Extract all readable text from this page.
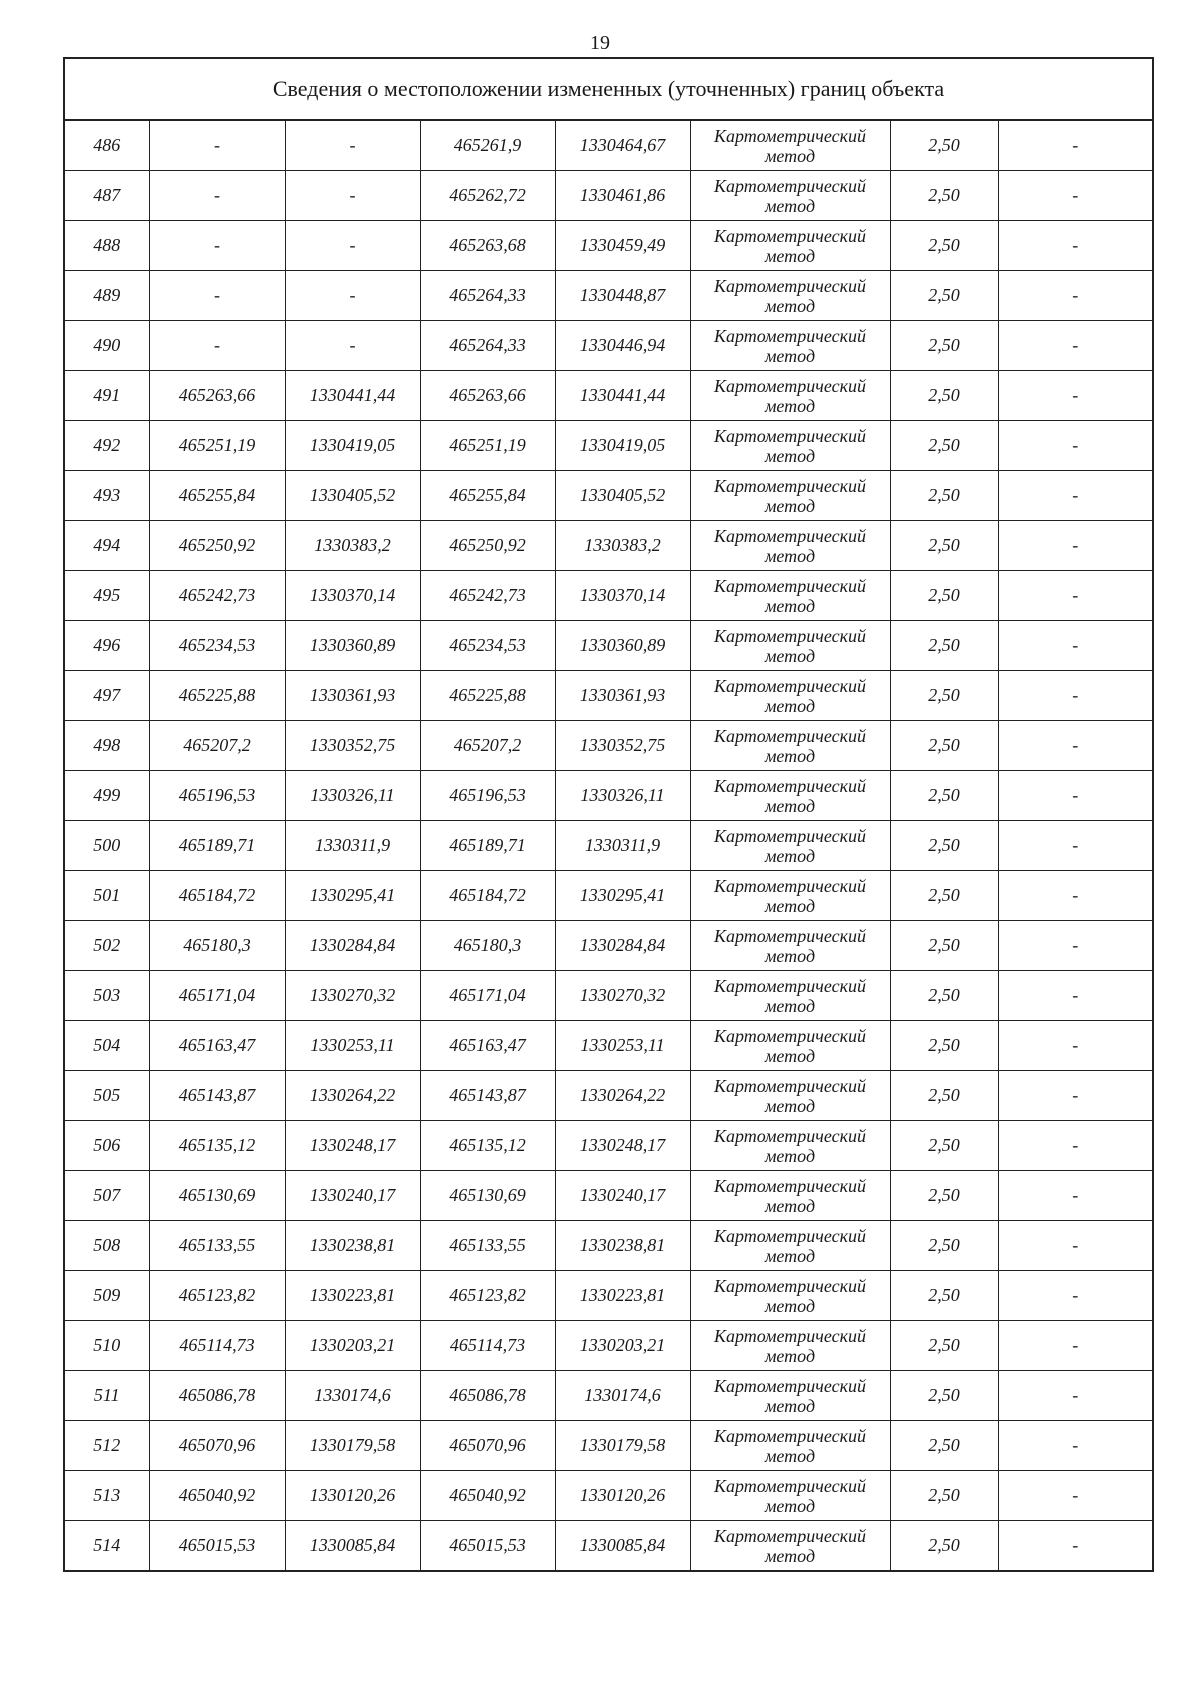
19
Сведения о местоположении измененных (уточненных) границ объекта							
486	-	-	465261,9	1330464,67	Картометрический
метод	2,50	-
487	-	-	465262,72	1330461,86	Картометрический
метод	2,50	-
488	-	-	465263,68	1330459,49	Картометрический
метод	2,50	-
489	-	-	465264,33	1330448,87	Картометрический
метод	2,50	-
490	-	-	465264,33	1330446,94	Картометрический
метод	2,50	-
491	465263,66	1330441,44	465263,66	1330441,44	Картометрический
метод	2,50	-
492	465251,19	1330419,05	465251,19	1330419,05	Картометрический
метод	2,50	-
493	465255,84	1330405,52	465255,84	1330405,52	Картометрический
метод	2,50	-
494	465250,92	1330383,2	465250,92	1330383,2	Картометрический
метод	2,50	-
495	465242,73	1330370,14	465242,73	1330370,14	Картометрический
метод	2,50	-
496	465234,53	1330360,89	465234,53	1330360,89	Картометрический
метод	2,50	-
497	465225,88	1330361,93	465225,88	1330361,93	Картометрический
метод	2,50	-
498	465207,2	1330352,75	465207,2	1330352,75	Картометрический
метод	2,50	-
499	465196,53	1330326,11	465196,53	1330326,11	Картометрический
метод	2,50	-
500	465189,71	1330311,9	465189,71	1330311,9	Картометрический
метод	2,50	-
501	465184,72	1330295,41	465184,72	1330295,41	Картометрический
метод	2,50	-
502	465180,3	1330284,84	465180,3	1330284,84	Картометрический
метод	2,50	-
503	465171,04	1330270,32	465171,04	1330270,32	Картометрический
метод	2,50	-
504	465163,47	1330253,11	465163,47	1330253,11	Картометрический
метод	2,50	-
505	465143,87	1330264,22	465143,87	1330264,22	Картометрический
метод	2,50	-
506	465135,12	1330248,17	465135,12	1330248,17	Картометрический
метод	2,50	-
507	465130,69	1330240,17	465130,69	1330240,17	Картометрический
метод	2,50	-
508	465133,55	1330238,81	465133,55	1330238,81	Картометрический
метод	2,50	-
509	465123,82	1330223,81	465123,82	1330223,81	Картометрический
метод	2,50	-
510	465114,73	1330203,21	465114,73	1330203,21	Картометрический
метод	2,50	-
511	465086,78	1330174,6	465086,78	1330174,6	Картометрический
метод	2,50	-
512	465070,96	1330179,58	465070,96	1330179,58	Картометрический
метод	2,50	-
513	465040,92	1330120,26	465040,92	1330120,26	Картометрический
метод	2,50	-
514	465015,53	1330085,84	465015,53	1330085,84	Картометрический
метод	2,50	-
